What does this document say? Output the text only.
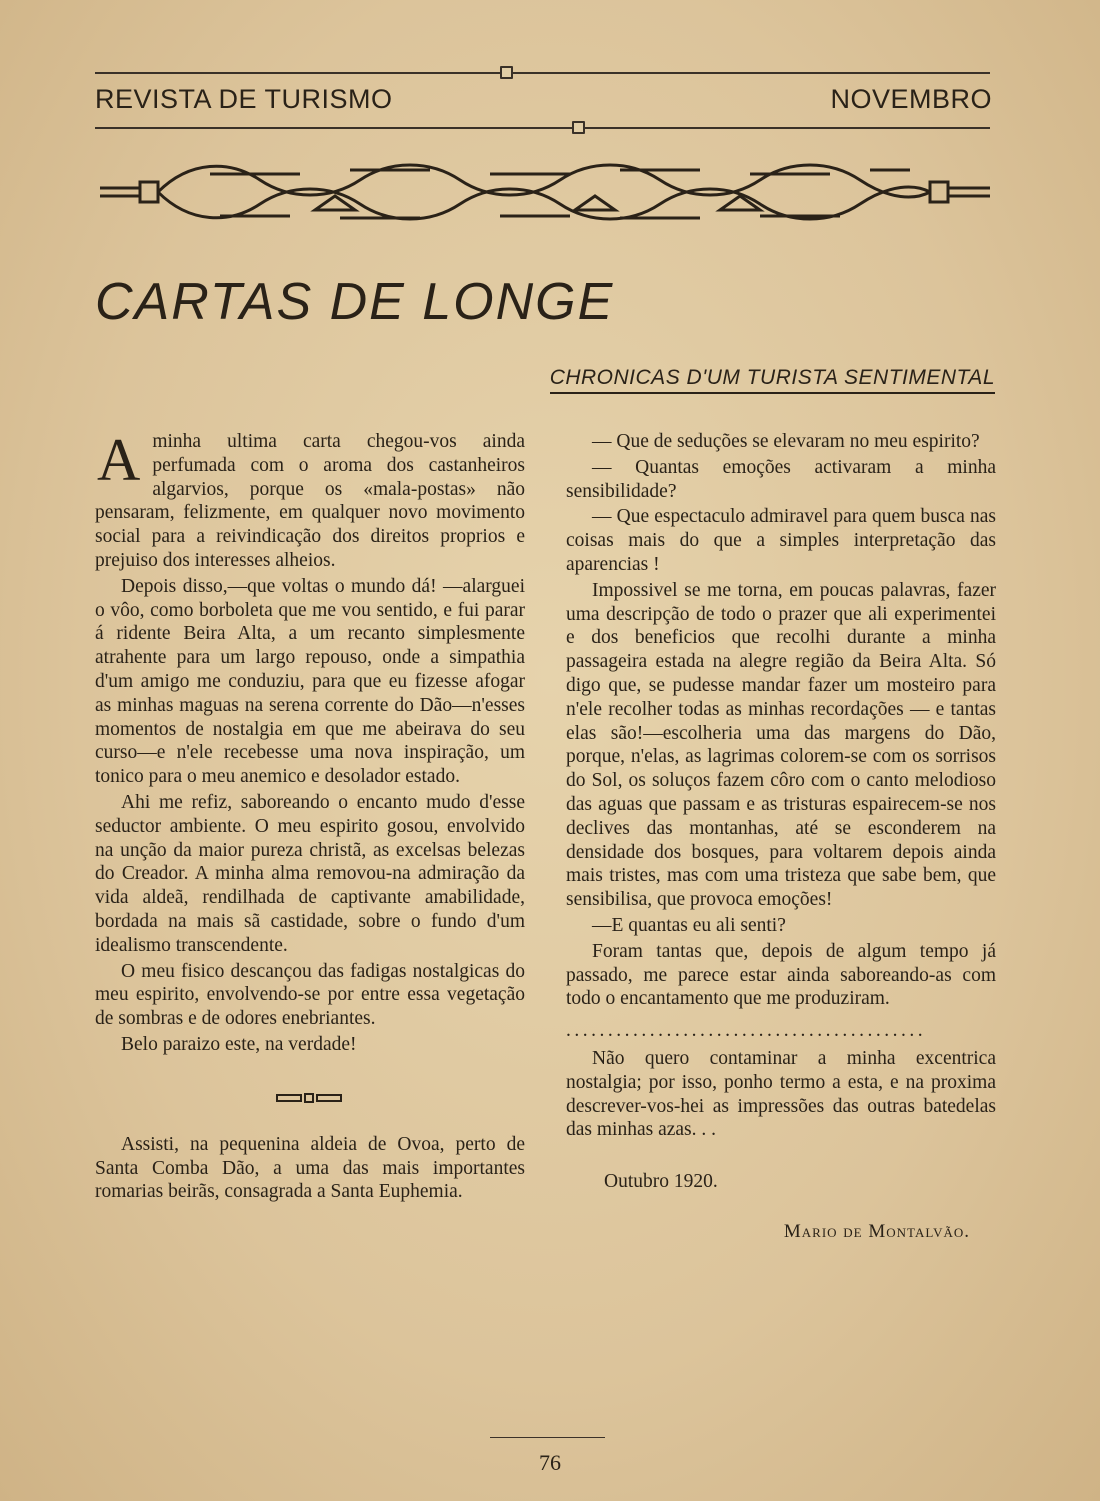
REVISTA DE TURISMO	NOVEMBRO
CARTAS DE LONGE
CHRONICAS D'UM TURISTA SENTIMENTAL

Aminha ultima carta chegou-vos ainda perfumada com o aroma dos castanheiros algarvios, porque os «mala-postas» não pensaram, felizmente, em qualquer novo movimento social para a reivindicação dos direitos proprios e prejuiso dos interesses alheios.

Depois disso,—que voltas o mundo dá! —alarguei o vôo, como borboleta que me vou sentido, e fui parar á ridente Beira Alta, a um recanto simplesmente atrahente para um largo repouso, onde a simpathia d'um amigo me conduziu, para que eu fizesse afogar as minhas maguas na serena corrente do Dão—n'esses momentos de nostalgia em que me abeirava do seu curso—e n'ele recebesse uma nova inspiração, um tonico para o meu anemico e desolador estado.

Ahi me refiz, saboreando o encanto mudo d'esse seductor ambiente. O meu espirito gosou, envolvido na unção da maior pureza christã, as excelsas belezas do Creador. A minha alma removou-na admiração da vida aldeã, rendilhada de captivante amabilidade, bordada na mais sã castidade, sobre o fundo d'um idealismo transcendente.

O meu fisico descançou das fadigas nostalgicas do meu espirito, envolvendo-se por entre essa vegetação de sombras e de odores enebriantes.

Belo paraizo este, na verdade!

Assisti, na pequenina aldeia de Ovoa, perto de Santa Comba Dão, a uma das mais importantes romarias beirãs, consagrada a Santa Euphemia.

— Que de seduções se elevaram no meu espirito?

— Quantas emoções activaram a minha sensibilidade?

— Que espectaculo admiravel para quem busca nas coisas mais do que a simples interpretação das aparencias !

Impossivel se me torna, em poucas palavras, fazer uma descripção de todo o prazer que ali experimentei e dos beneficios que recolhi durante a minha passageira estada na alegre região da Beira Alta. Só digo que, se pudesse mandar fazer um mosteiro para n'ele recolher todas as minhas recordações — e tantas elas são!—escolheria uma das margens do Dão, porque, n'elas, as lagrimas colorem-se com os sorrisos do Sol, os soluços fazem côro com o canto melodioso das aguas que passam e as tristuras espairecem-se nos declives das montanhas, até se esconderem na densidade dos bosques, para voltarem depois ainda mais tristes, mas com uma tristeza que sabe bem, que sensibilisa, que provoca emoções!

—E quantas eu ali senti?

Foram tantas que, depois de algum tempo já passado, me parece estar ainda saboreando-as com todo o encantamento que me produziram.

...........................................

Não quero contaminar a minha excentrica nostalgia; por isso, ponho termo a esta, e na proxima descrever-vos-hei as impressões das outras batedelas das minhas azas. . .

Outubro 1920.
Mario de Montalvão.
76
